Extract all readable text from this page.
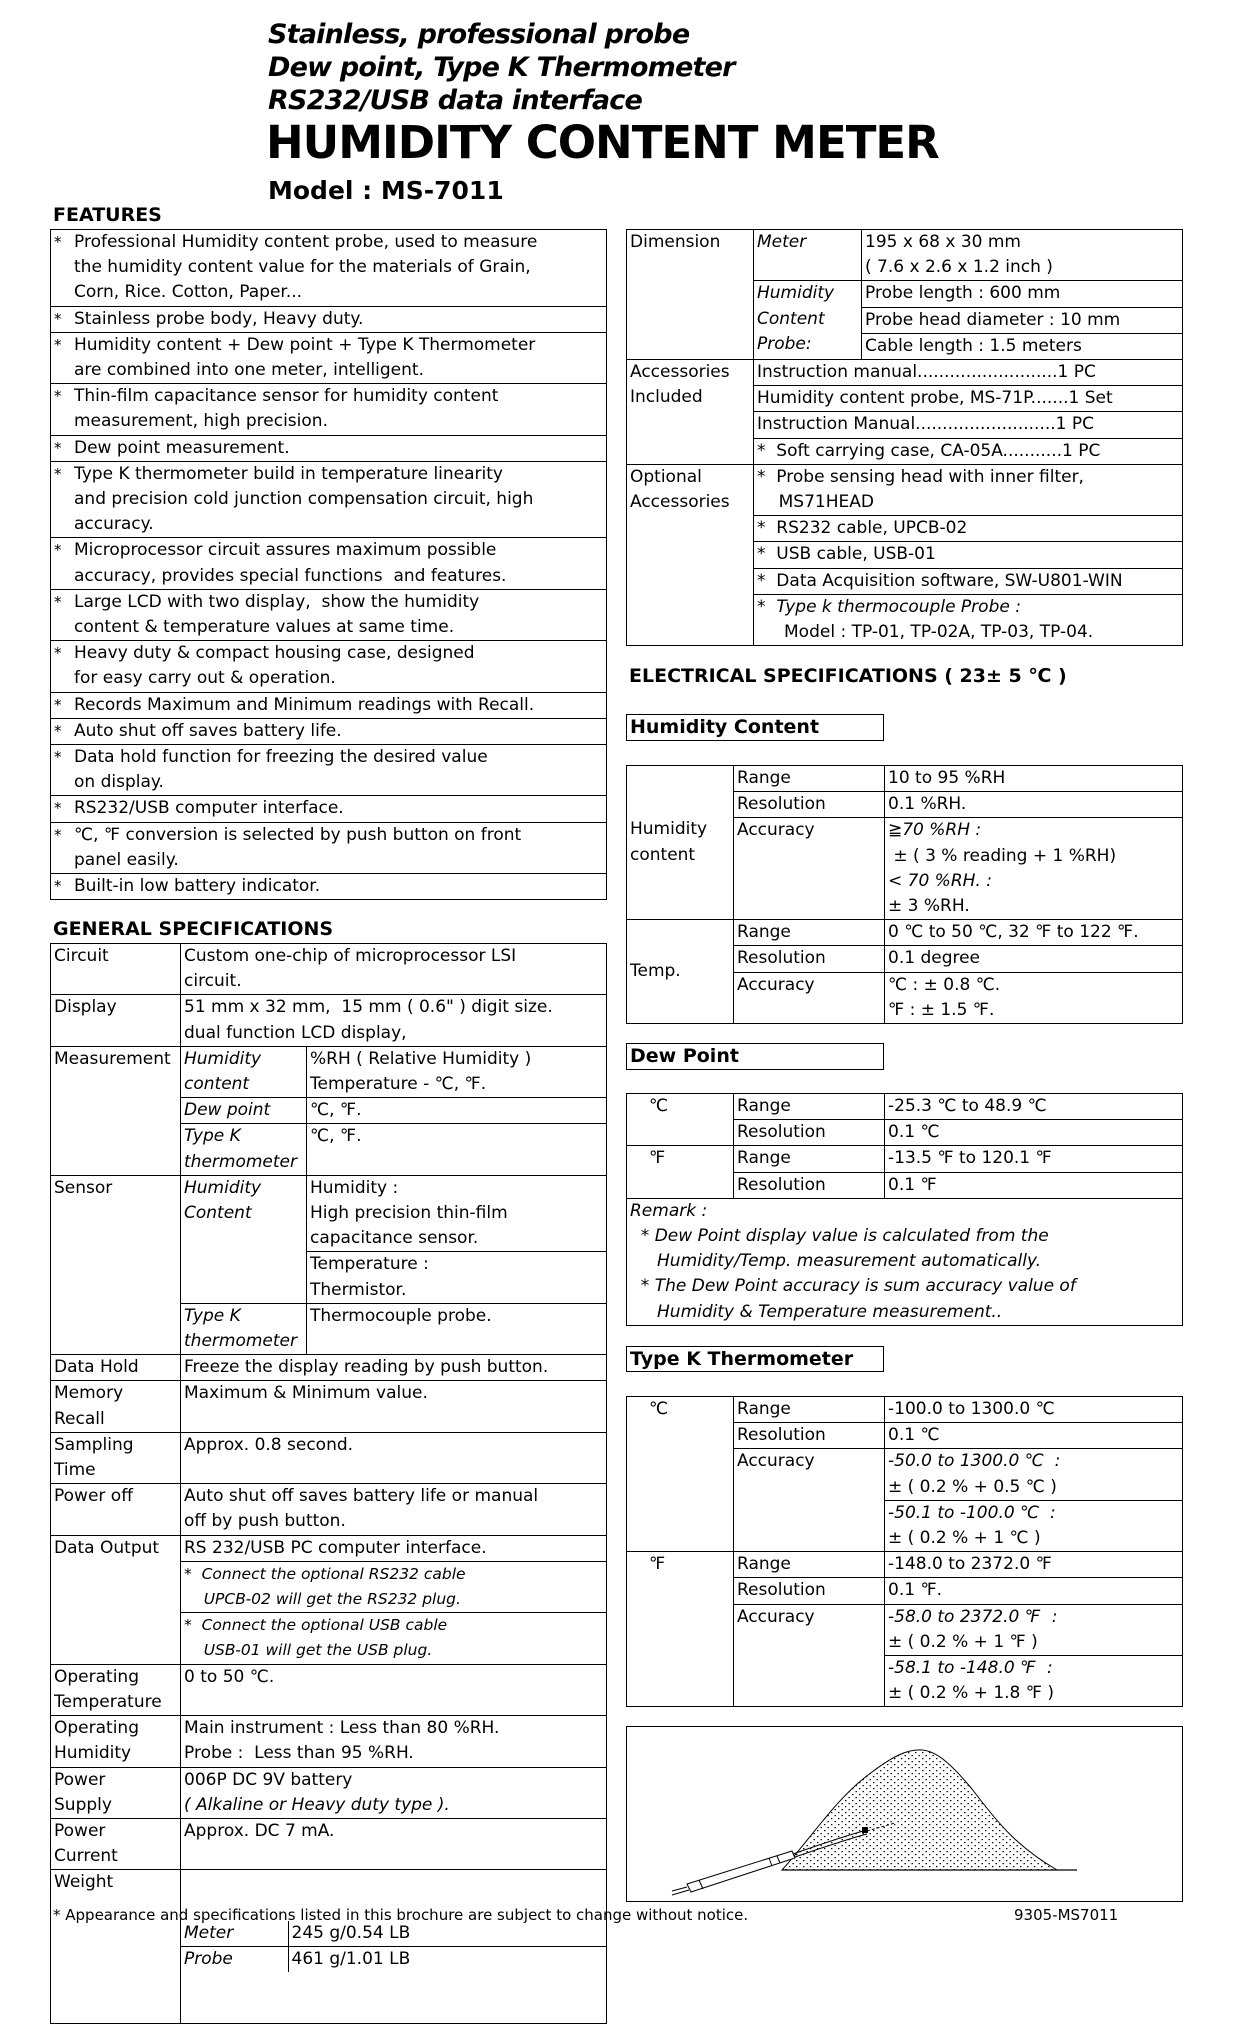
Stainless, professional probe
Dew point, Type K Thermometer
RS232/USB data interface
HUMIDITY CONTENT METER
Model : MS-7011
FEATURES
* Professional Humidity content probe, used to measure
the humidity content value for the materials of Grain,
Corn, Rice. Cotton, Paper...
* Stainless probe body, Heavy duty.
* Humidity content + Dew point + Type K Thermometer
are combined into one meter, intelligent.
* Thin-film capacitance sensor for humidity content
measurement, high precision.
* Dew point measurement.
* Type K thermometer build in temperature linearity
and precision cold junction compensation circuit, high
accuracy.
* Microprocessor circuit assures maximum possible
accuracy, provides special functions  and features.
* Large LCD with two display,  show the humidity
content & temperature values at same time.
* Heavy duty & compact housing case, designed
for easy carry out & operation.
* Records Maximum and Minimum readings with Recall.
* Auto shut off saves battery life.
* Data hold function for freezing the desired value
on display.
* RS232/USB computer interface.
* ℃, ℉ conversion is selected by push button on front
panel easily.
* Built-in low battery indicator.
Dimension	Meter	195 x 68 x 30 mm
( 7.6 x 2.6 x 1.2 inch )
	Humidity
Content
Probe:	Probe length : 600 mm
		Probe head diameter : 10 mm
		Cable length : 1.5 meters
Accessories
Included	Instruction manual..........................1 PC	
	Humidity content probe, MS-71P.......1 Set	
	Instruction Manual..........................1 PC	
	*  Soft carrying case, CA-05A...........1 PC	
Optional
Accessories	*  Probe sensing head with inner filter,
MS71HEAD	
	*  RS232 cable, UPCB-02	
	*  USB cable, USB-01	
	*  Data Acquisition software, SW-U801-WIN	
	* Type k thermocouple Probe :
Model : TP-01, TP-02A, TP-03, TP-04.	
GENERAL SPECIFICATIONS
Circuit	Custom one-chip of microprocessor LSI
circuit.
Display	51 mm x 32 mm,  15 mm ( 0.6" ) digit size.
dual function LCD display,
Measurement	Humidity
content	%RH ( Relative Humidity )
Temperature - ℃, ℉.
Dew point	℃, ℉.
Type K
thermometer	℃, ℉.
Sensor	Humidity
Content	Humidity :
High precision thin-film
capacitance sensor.
Temperature :
Thermistor.
Type K
thermometer	Thermocouple probe.
Data Hold	Freeze the display reading by push button.
Memory
Recall	Maximum & Minimum value.
Sampling
Time	Approx. 0.8 second.
Power off	Auto shut off saves battery life or manual
off by push button.
Data Output	RS 232/USB PC computer interface.
*  Connect the optional RS232 cable
UPCB-02 will get the RS232 plug.
*  Connect the optional USB cable
USB-01 will get the USB plug.
Operating
Temperature	0 to 50 ℃.
Operating
Humidity	Main instrument : Less than 80 %RH.
Probe :  Less than 95 %RH.
Power
Supply	006P DC 9V battery
( Alkaline or Heavy duty type ).
Power
Current	Approx. DC 7 mA.
Weight	

Meter	245 g/0.54 LB
Probe	461 g/1.01 LB

* Appearance and specifications listed in this brochure are subject to change without notice.	9305-MS7011
ELECTRICAL SPECIFICATIONS ( 23± 5 ℃ )
Humidity Content
Humidity
content	Range	10 to 95 %RH
	Resolution	0.1 %RH.
	Accuracy	≧70 %RH :
± ( 3 % reading + 1 %RH)
< 70 %RH. :
± 3 %RH.
Temp.	Range	0 ℃ to 50 ℃, 32 ℉ to 122 ℉.
	Resolution	0.1 degree
	Accuracy	℃ : ± 0.8 ℃.
℉ : ± 1.5 ℉.
Dew Point
℃	Range	-25.3 ℃ to 48.9 ℃
	Resolution	0.1 ℃
℉	Range	-13.5 ℉ to 120.1 ℉
	Resolution	0.1 ℉
Remark :
* Dew Point display value is calculated from the
Humidity/Temp. measurement automatically.
* The Dew Point accuracy is sum accuracy value of
Humidity & Temperature measurement..		
Type K Thermometer
℃	Range	-100.0 to 1300.0 ℃
	Resolution	0.1 ℃
	Accuracy	-50.0 to 1300.0 ℃  :
± ( 0.2 % + 0.5 ℃ )
		-50.1 to -100.0 ℃  :
± ( 0.2 % + 1 ℃ )
℉	Range	-148.0 to 2372.0 ℉
	Resolution	0.1 ℉.
	Accuracy	-58.0 to 2372.0 ℉  :
± ( 0.2 % + 1 ℉ )
		-58.1 to -148.0 ℉  :
± ( 0.2 % + 1.8 ℉ )
